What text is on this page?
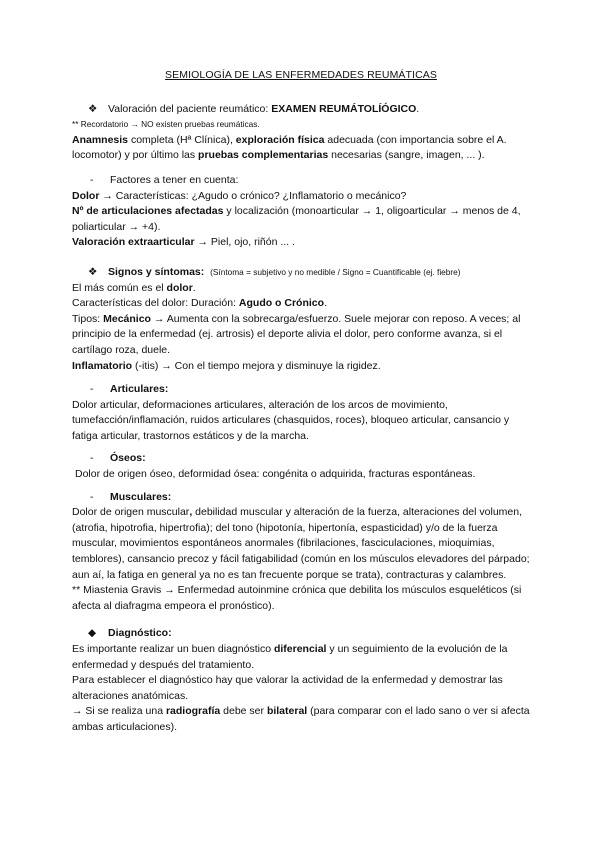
SEMIOLOGÍA DE LAS ENFERMEDADES REUMÁTICAS

❖ Valoración del paciente reumático: EXAMEN REUMÁTOLÍÓGICO.

** Recordatorio → NO existen pruebas reumáticas.

Anamnesis completa (Hª Clínica), exploración física adecuada (con importancia sobre el A. locomotor) y por último las pruebas complementarias necesarias (sangre, imagen, ... ).

- Factores a tener en cuenta:

Dolor → Características: ¿Agudo o crónico? ¿Inflamatorio o mecánico?

Nº de articulaciones afectadas y localización (monoarticular → 1, oligoarticular → menos de 4, poliarticular → +4).

Valoración extraarticular → Piel, ojo, riñón ... .

❖ Signos y síntomas: (Síntoma = subjetivo y no medible / Signo = Cuantificable (ej. fiebre)

El más común es el dolor.

Características del dolor: Duración: Agudo o Crónico.

Tipos: Mecánico → Aumenta con la sobrecarga/esfuerzo. Suele mejorar con reposo. A veces; al principio de la enfermedad (ej. artrosis) el deporte alivia el dolor, pero conforme avanza, si el cartílago roza, duele.

Inflamatorio (-itis) → Con el tiempo mejora y disminuye la rigidez.

- Articulares:

Dolor articular, deformaciones articulares, alteración de los arcos de movimiento, tumefacción/inflamación, ruidos articulares (chasquidos, roces), bloqueo articular, cansancio y fatiga articular, trastornos estáticos y de la marcha.

- Óseos:

Dolor de origen óseo, deformidad ósea: congénita o adquirida, fracturas espontáneas.

- Musculares:

Dolor de origen muscular, debilidad muscular y alteración de la fuerza, alteraciones del volumen, (atrofia, hipotrofia, hipertrofia); del tono (hipotonía, hipertonía, espasticidad) y/o de la fuerza muscular, movimientos espontáneos anormales (fibrilaciones, fasciculaciones, mioquimias, temblores), cansancio precoz y fácil fatigabilidad (común en los músculos elevadores del párpado; aun aí, la fatiga en general ya no es tan frecuente porque se trata), contracturas y calambres.

** Miastenia Gravis → Enfermedad autoinmine crónica que debilita los músculos esqueléticos (si afecta al diafragma empeora el pronóstico).

◆ Diagnóstico:

Es importante realizar un buen diagnóstico diferencial y un seguimiento de la evolución de la enfermedad y después del tratamiento.

Para establecer el diagnóstico hay que valorar la actividad de la enfermedad y demostrar las alteraciones anatómicas.

→ Si se realiza una radiografía debe ser bilateral (para comparar con el lado sano o ver si afecta ambas articulaciones).
